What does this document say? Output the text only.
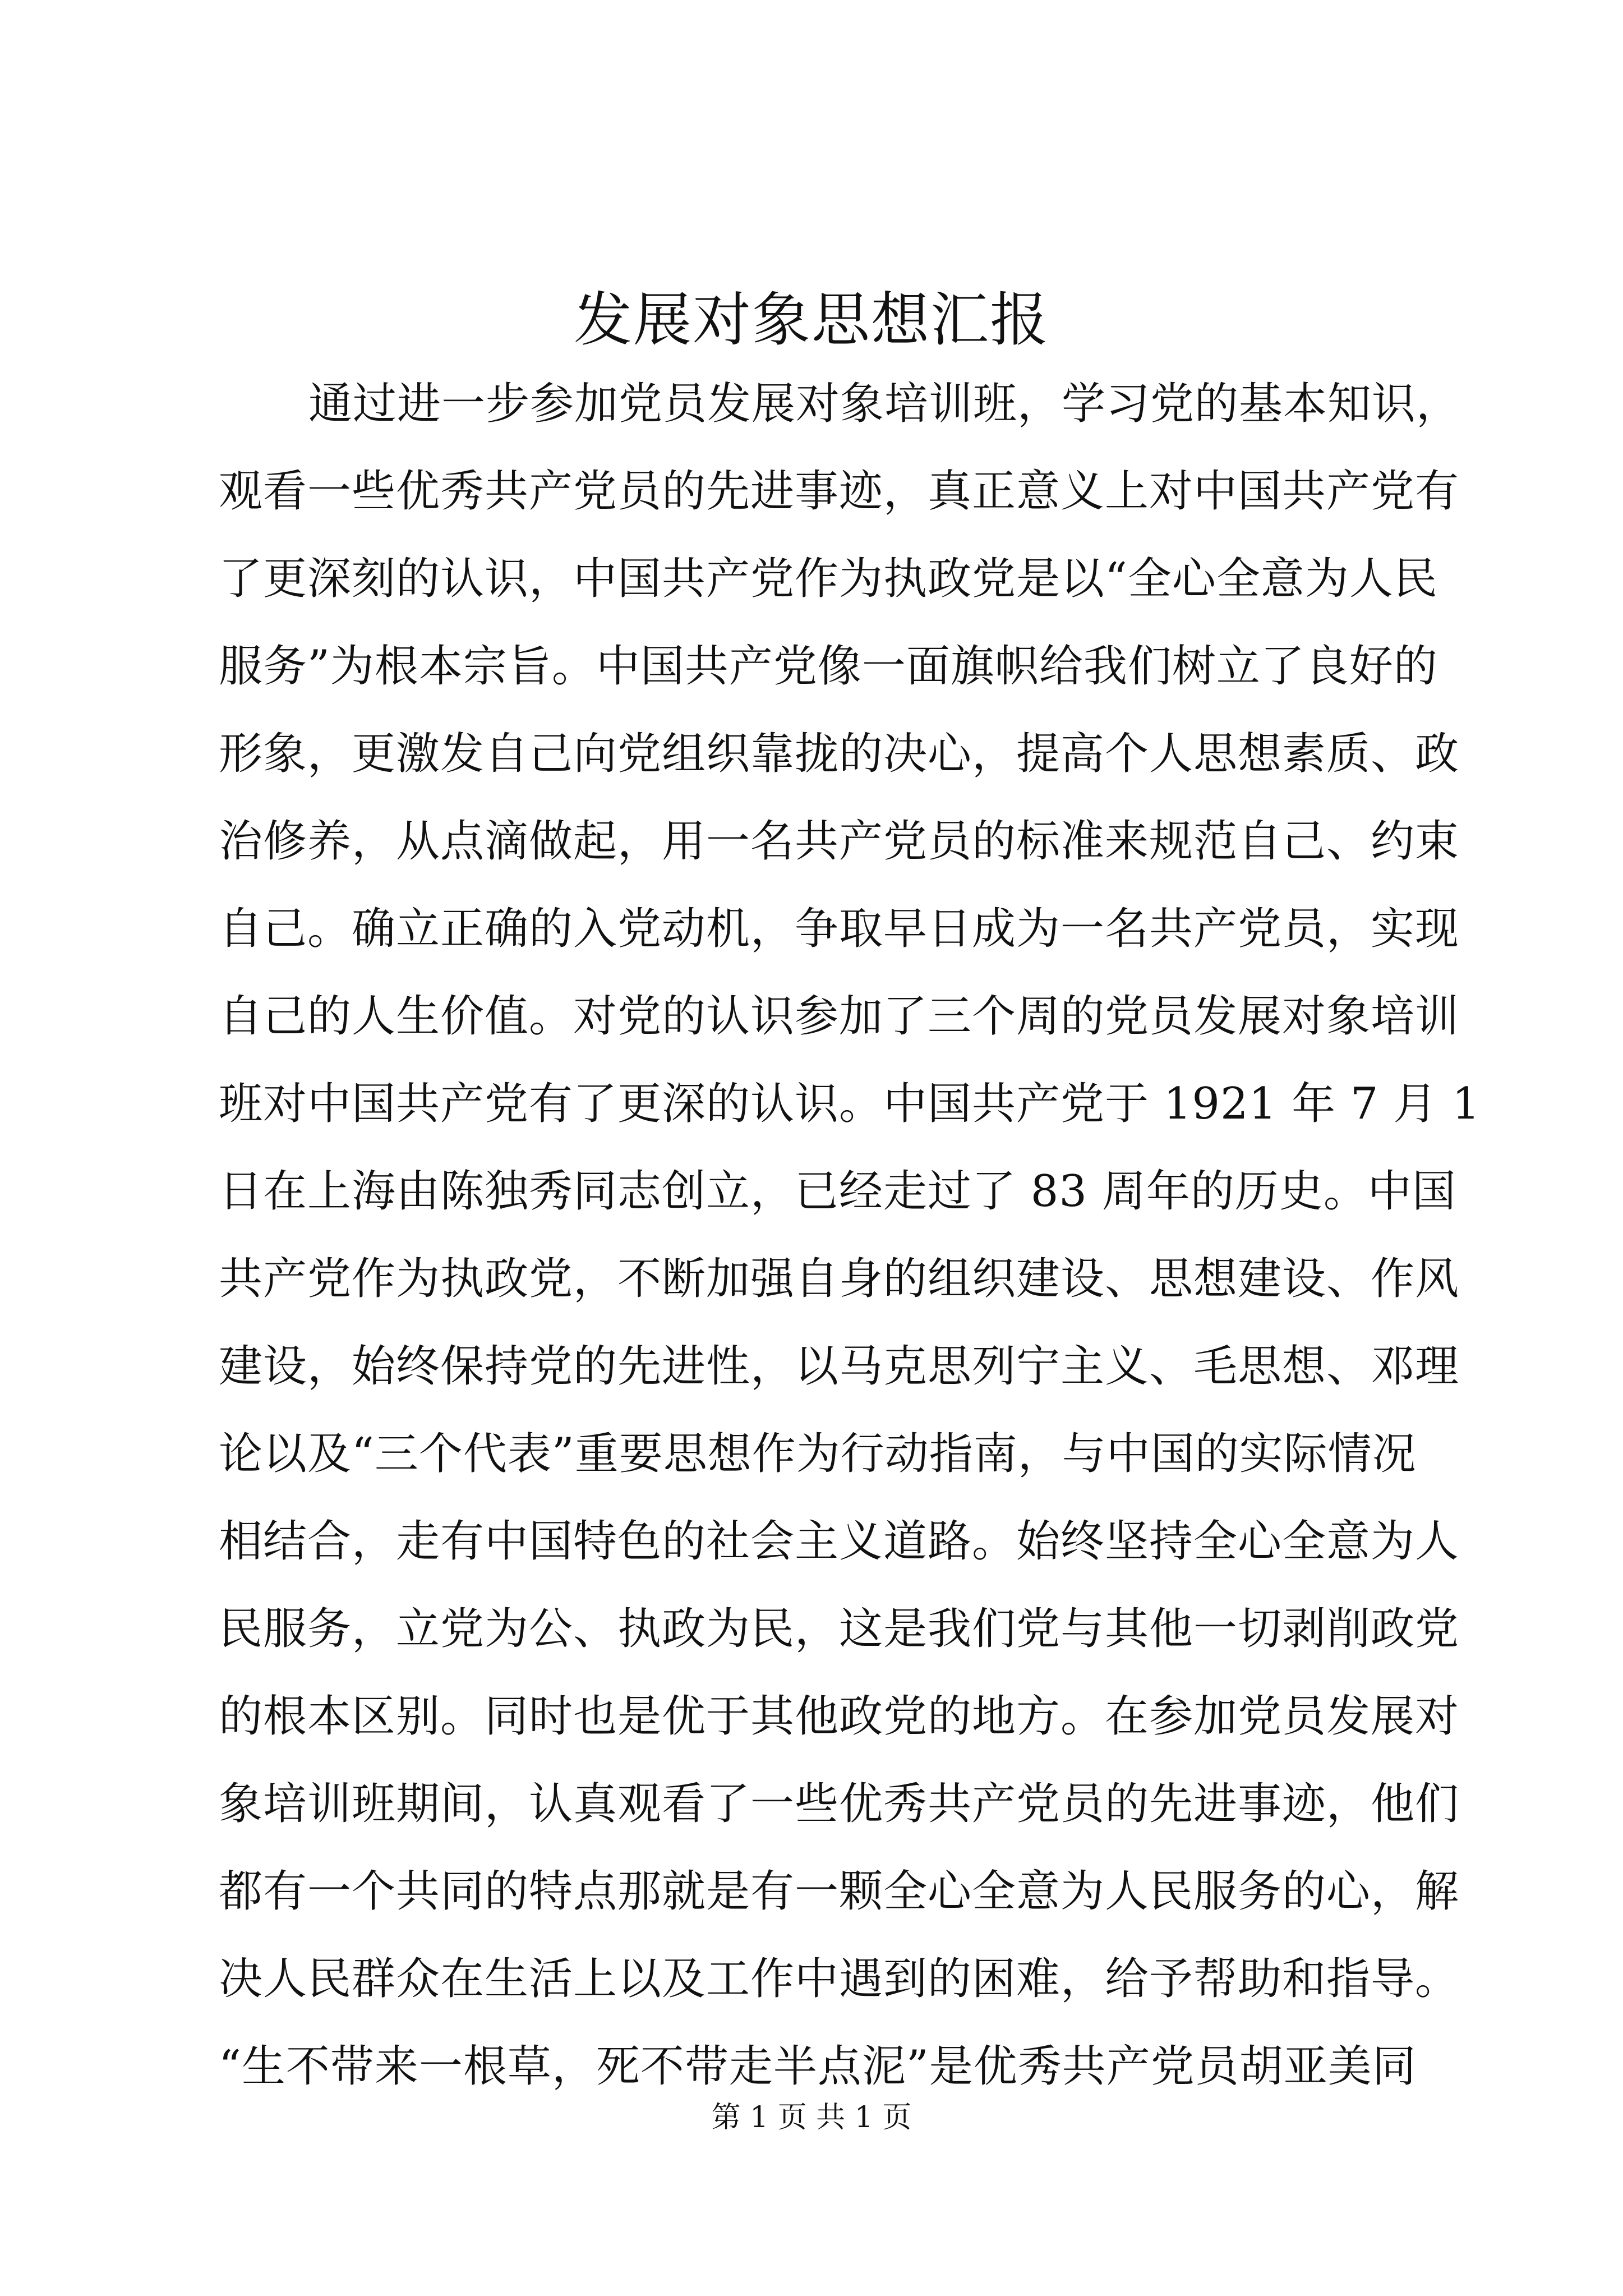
发展对象思想汇报
通过进一步参加党员发展对象培训班，学习党的基本知识，
观看一些优秀共产党员的先进事迹，真正意义上对中国共产党有
了更深刻的认识，中国共产党作为执政党是以“全心全意为人民
服务”为根本宗旨。中国共产党像一面旗帜给我们树立了良好的
形象，更激发自己向党组织靠拢的决心，提高个人思想素质、政
治修养，从点滴做起，用一名共产党员的标准来规范自己、约束
自己。确立正确的入党动机，争取早日成为一名共产党员，实现
自己的人生价值。对党的认识参加了三个周的党员发展对象培训
班对中国共产党有了更深的认识。中国共产党于 1921 年 7 月 1
日在上海由陈独秀同志创立，已经走过了 83 周年的历史。中国
共产党作为执政党，不断加强自身的组织建设、思想建设、作风
建设，始终保持党的先进性，以马克思列宁主义、毛思想、邓理
论以及“三个代表”重要思想作为行动指南，与中国的实际情况
相结合，走有中国特色的社会主义道路。始终坚持全心全意为人
民服务，立党为公、执政为民，这是我们党与其他一切剥削政党
的根本区别。同时也是优于其他政党的地方。在参加党员发展对
象培训班期间，认真观看了一些优秀共产党员的先进事迹，他们
都有一个共同的特点那就是有一颗全心全意为人民服务的心，解
决人民群众在生活上以及工作中遇到的困难，给予帮助和指导。
“生不带来一根草，死不带走半点泥”是优秀共产党员胡亚美同
第 1 页 共 1 页
